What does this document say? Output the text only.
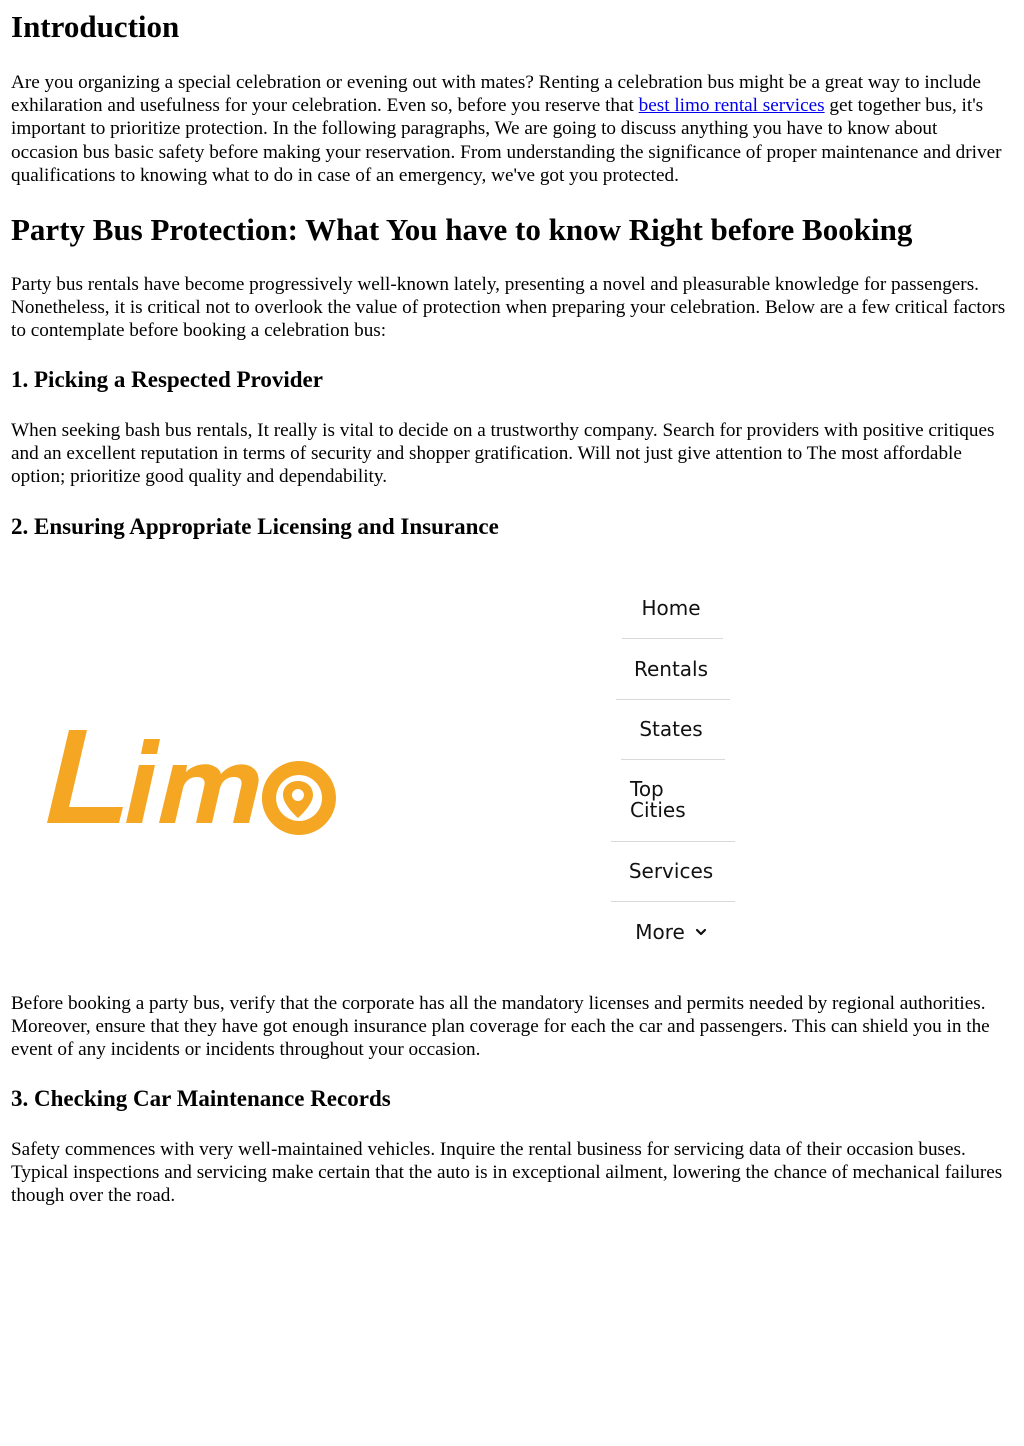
Introduction

Are you organizing a special celebration or evening out with mates? Renting a celebration bus might be a great way to include exhilaration and usefulness for your celebration. Even so, before you reserve that best limo rental services get together bus, it's important to prioritize protection. In the following paragraphs, We are going to discuss anything you have to know about occasion bus basic safety before making your reservation. From understanding the significance of proper maintenance and driver qualifications to knowing what to do in case of an emergency, we've got you protected.

Party Bus Protection: What You have to know Right before Booking

Party bus rentals have become progressively well-known lately, presenting a novel and pleasurable knowledge for passengers. Nonetheless, it is critical not to overlook the value of protection when preparing your celebration. Below are a few critical factors to contemplate before booking a celebration bus:

1. Picking a Respected Provider

When seeking bash bus rentals, It really is vital to decide on a trustworthy company. Search for providers with positive critiques and an excellent reputation in terms of security and shopper gratification. Will not just give attention to The most affordable option; prioritize good quality and dependability.

2. Ensuring Appropriate Licensing and Insurance
Home
Rentals
States
Top
Cities
Services
More

Before booking a party bus, verify that the corporate has all the mandatory licenses and permits needed by regional authorities. Moreover, ensure that they have got enough insurance plan coverage for each the car and passengers. This can shield you in the event of any incidents or incidents throughout your occasion.

3. Checking Car Maintenance Records

Safety commences with very well-maintained vehicles. Inquire the rental business for servicing data of their occasion buses. Typical inspections and servicing make certain that the auto is in exceptional ailment, lowering the chance of mechanical failures though over the road.
